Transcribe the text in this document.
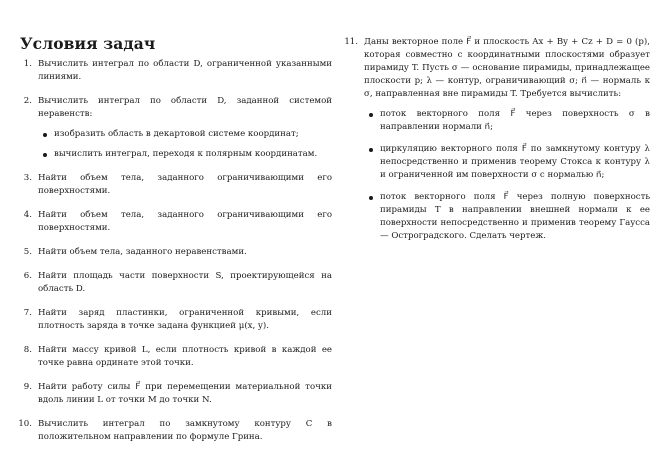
Условия задач
1. Вычислить интеграл по области D, ограниченной указанными линиями.
2. Вычислить интеграл по области D, заданной системой неравенств:
изобразить область в декартовой системе координат;
вычислить интеграл, переходя к полярным координатам.
3. Найти объем тела, заданного ограничивающими его поверхностями.
4. Найти объем тела, заданного ограничивающими его поверхностями.
5. Найти объем тела, заданного неравенствами.
6. Найти площадь части поверхности S, проектирующейся на область D.
7. Найти заряд пластинки, ограниченной кривыми, если плотность заряда в точке задана функцией μ(x, y).
8. Найти массу кривой L, если плотность кривой в каждой ее точке равна ординате этой точки.
9. Найти работу силы F⃗ при перемещении материальной точки вдоль линии L от точки M до точки N.
10. Вычислить интеграл по замкнутому контуру C в положительном направлении по формуле Грина.
11. Даны векторное поле F⃗ и плоскость Ax + By + Cz + D = 0 (p), которая совместно с координатными плоскостями образует пирамиду T. Пусть σ — основание пирамиды, принадлежащее плоскости p; λ — контур, ограничивающий σ; n⃗ — нормаль к σ, направленная вне пирамиды T. Требуется вычислить:
поток векторного поля F⃗ через поверхность σ в направлении нормали n⃗;
циркуляцию векторного поля F⃗ по замкнутому контуру λ непосредственно и применив теорему Стокса к контуру λ и ограниченной им поверхности σ с нормалью n⃗;
поток векторного поля F⃗ через полную поверхность пирамиды T в направлении внешней нормали к ее поверхности непосредственно и применив теорему Гаусса — Остроградского. Сделать чертеж.
